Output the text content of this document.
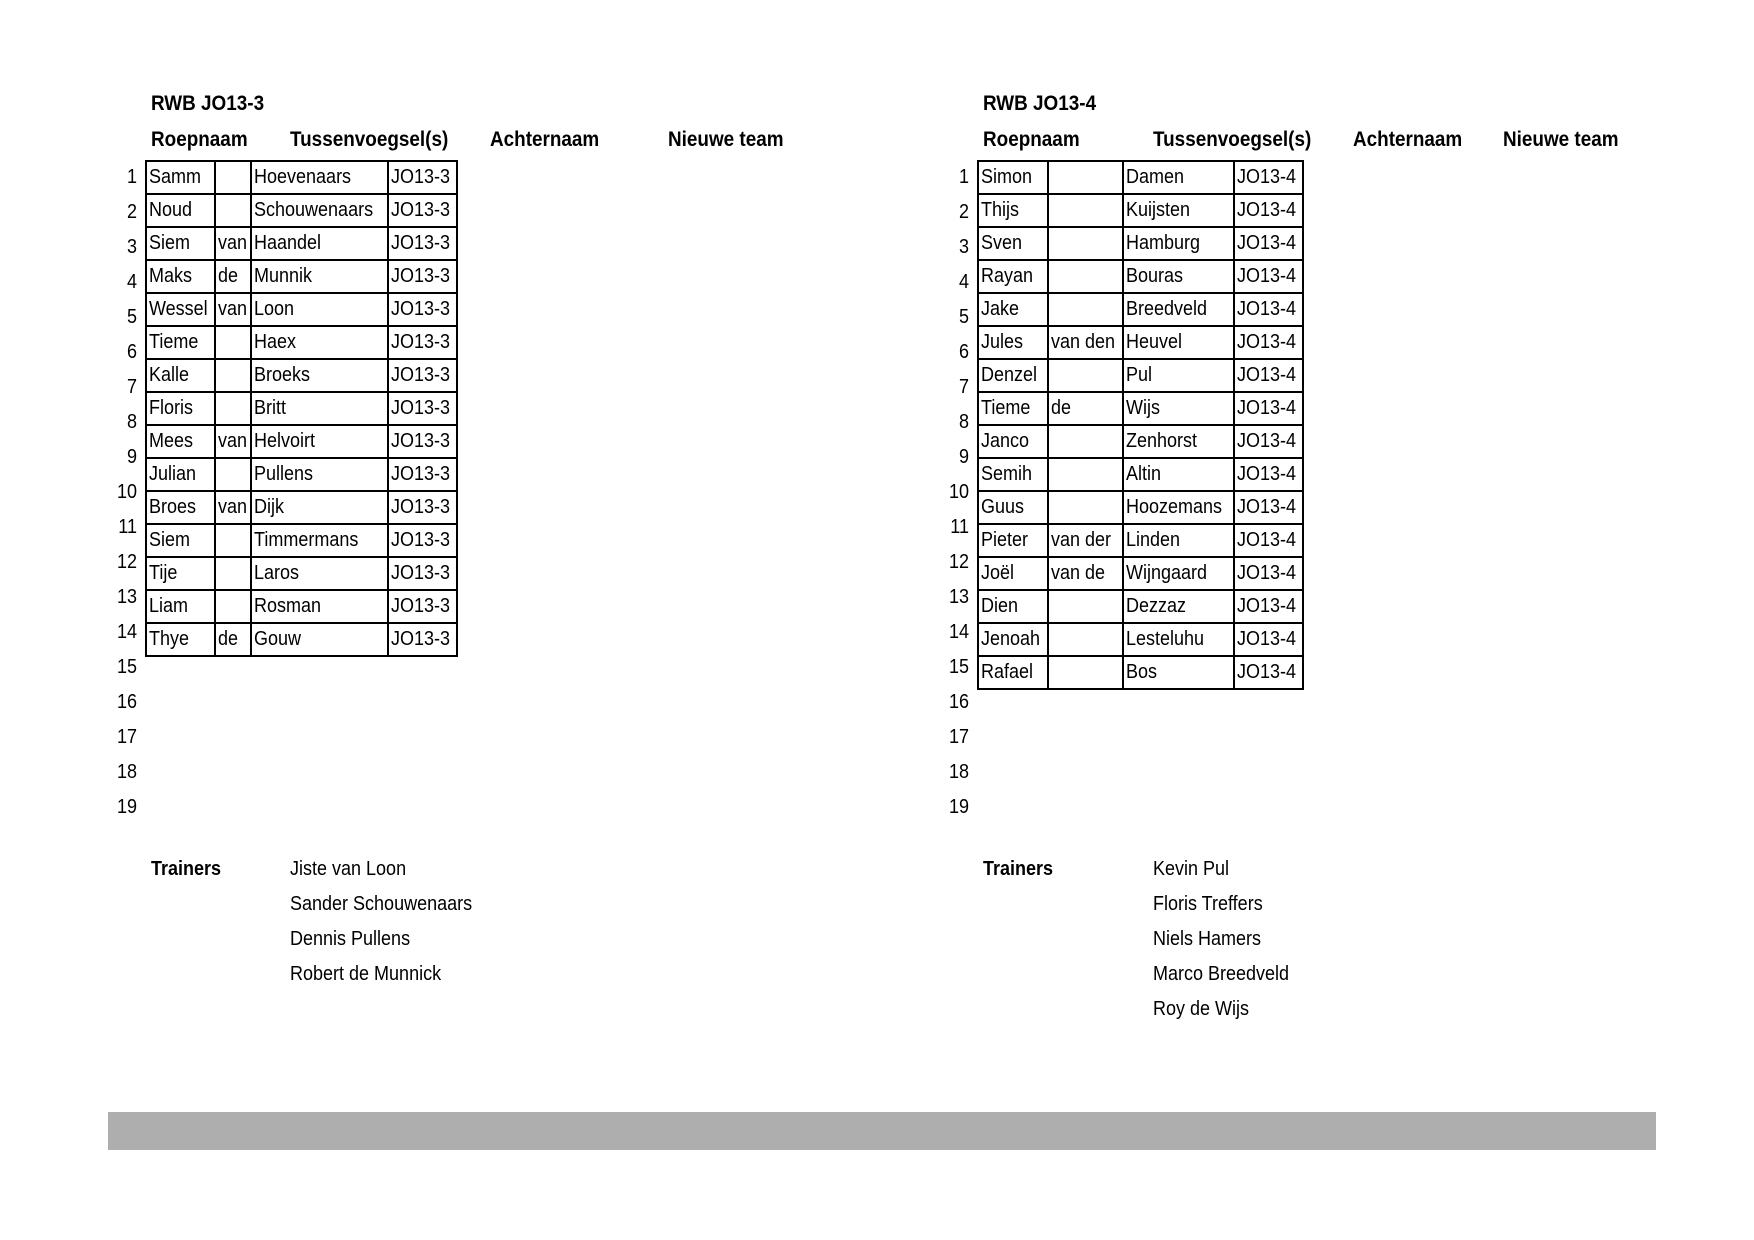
RWB JO13-3
Roepnaam Tussenvoegsel(s) Achternaam	Nieuwe team
1
2
3
4
5
6
7
8
9
10
11
12
13
14
15
16
17
18
19
Samm		Hoevenaars	JO13-3
Noud		Schouwenaars	JO13-3
Siem	van	Haandel	JO13-3
Maks	de	Munnik	JO13-3
Wessel	van	Loon	JO13-3
Tieme		Haex	JO13-3
Kalle		Broeks	JO13-3
Floris		Britt	JO13-3
Mees	van	Helvoirt	JO13-3
Julian		Pullens	JO13-3
Broes	van	Dijk	JO13-3
Siem		Timmermans	JO13-3
Tije		Laros	JO13-3
Liam		Rosman	JO13-3
Thye	de	Gouw	JO13-3
Trainers	Jiste van Loon
Sander Schouwenaars
Dennis Pullens
Robert de Munnick
RWB JO13-4
Roepnaam	Tussenvoegsel(s) Achternaam Nieuwe team
1
2
3
4
5
6
7
8
9
10
11
12
13
14
15
16
17
18
19
Simon		Damen	JO13-4
Thijs		Kuijsten	JO13-4
Sven		Hamburg	JO13-4
Rayan		Bouras	JO13-4
Jake		Breedveld	JO13-4
Jules	van den	Heuvel	JO13-4
Denzel		Pul	JO13-4
Tieme	de	Wijs	JO13-4
Janco		Zenhorst	JO13-4
Semih		Altin	JO13-4
Guus		Hoozemans	JO13-4
Pieter	van der	Linden	JO13-4
Joël	van de	Wijngaard	JO13-4
Dien		Dezzaz	JO13-4
Jenoah		Lesteluhu	JO13-4
Rafael		Bos	JO13-4
Trainers	Kevin Pul
Floris Treffers
Niels Hamers
Marco Breedveld
Roy de Wijs
